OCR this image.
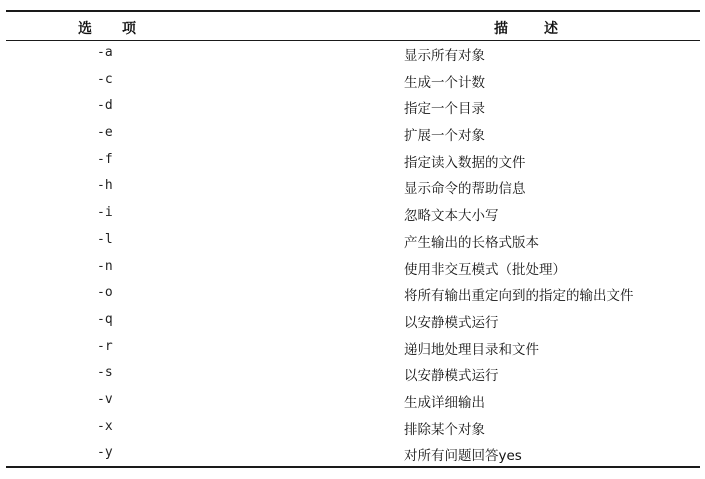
选项	描述
-a	显示所有对象
-c	生成一个计数
-d	指定一个目录
-e	扩展一个对象
-f	指定读入数据的文件
-h	显示命令的帮助信息
-i	忽略文本大小写
-l	产生输出的长格式版本
-n	使用非交互模式（批处理）
-o	将所有输出重定向到的指定的输出文件
-q	以安静模式运行
-r	递归地处理目录和文件
-s	以安静模式运行
-v	生成详细输出
-x	排除某个对象
-y	对所有问题回答yes
